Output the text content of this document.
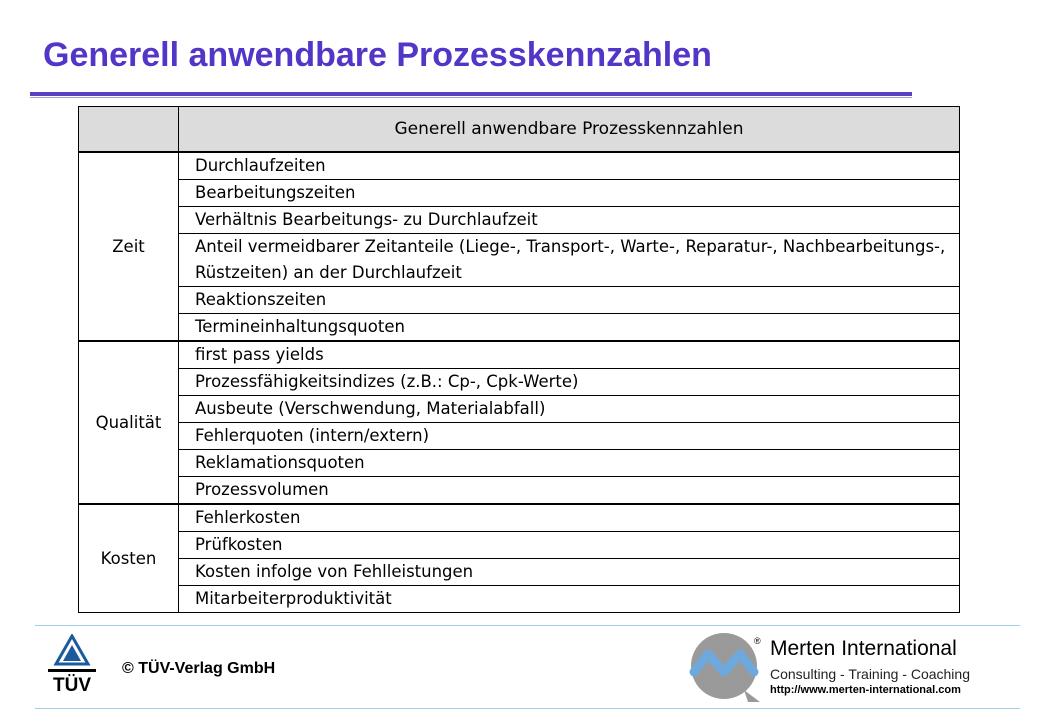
Generell anwendbare Prozesskennzahlen
	Generell anwendbare Prozesskennzahlen
Zeit	Durchlaufzeiten
	Bearbeitungszeiten
	Verhältnis Bearbeitungs- zu Durchlaufzeit
	Anteil vermeidbarer Zeitanteile (Liege-, Transport-, Warte-, Reparatur-, Nachbearbeitungs-, Rüstzeiten) an der Durchlaufzeit
	Reaktionszeiten
	Termineinhaltungsquoten
Qualität	first pass yields
	Prozessfähigkeitsindizes (z.B.: Cp-, Cpk-Werte)
	Ausbeute (Verschwendung, Materialabfall)
	Fehlerquoten (intern/extern)
	Reklamationsquoten
	Prozessvolumen
Kosten	Fehlerkosten
	Prüfkosten
	Kosten infolge von Fehlleistungen
	Mitarbeiterproduktivität
TÜV
© TÜV-Verlag GmbH
® Merten International
Consulting - Training - Coaching
http://www.merten-international.com
